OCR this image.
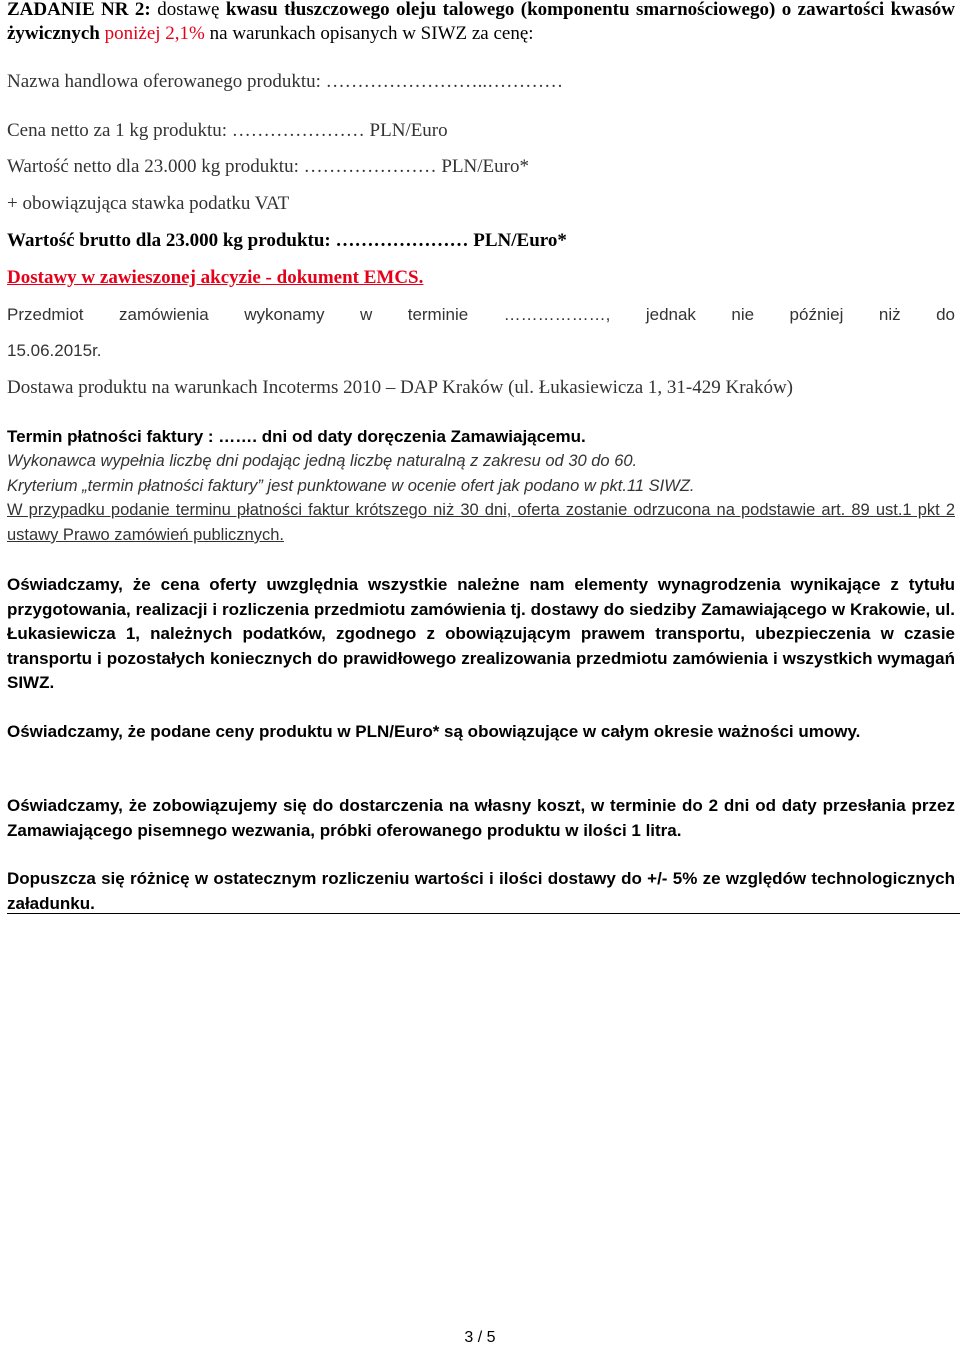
ZADANIE NR 2: dostawę kwasu tłuszczowego oleju talowego (komponentu smarnościowego) o zawartości kwasów żywicznych poniżej 2,1% na warunkach opisanych w SIWZ za cenę:
Nazwa handlowa oferowanego produktu: ……………………..…………
Cena netto za 1 kg produktu: ………………… PLN/Euro
Wartość netto dla 23.000 kg produktu: ………………… PLN/Euro*
+ obowiązująca stawka podatku VAT
Wartość brutto dla 23.000 kg produktu: ………………… PLN/Euro*
Dostawy w zawieszonej akcyzie - dokument EMCS.
Przedmiot zamówienia wykonamy w terminie ………………, jednak nie później niż do
15.06.2015r.
Dostawa produktu na warunkach Incoterms 2010 – DAP Kraków (ul. Łukasiewicza 1, 31-429 Kraków)
Termin płatności faktury : ……. dni od daty doręczenia Zamawiającemu.
Wykonawca wypełnia liczbę dni podając jedną liczbę naturalną z zakresu od 30 do 60.
Kryterium „termin płatności faktury” jest punktowane w ocenie ofert jak podano w pkt.11 SIWZ.
W przypadku podanie terminu płatności faktur krótszego niż 30 dni, oferta zostanie odrzucona na podstawie art. 89 ust.1 pkt 2 ustawy Prawo zamówień publicznych.
Oświadczamy, że cena oferty uwzględnia wszystkie należne nam elementy wynagrodzenia wynikające z tytułu przygotowania, realizacji i rozliczenia przedmiotu zamówienia tj. dostawy do siedziby Zamawiającego w Krakowie, ul. Łukasiewicza 1, należnych podatków, zgodnego z obowiązującym prawem transportu, ubezpieczenia w czasie transportu i pozostałych koniecznych do prawidłowego zrealizowania przedmiotu zamówienia i wszystkich wymagań SIWZ.
Oświadczamy, że podane ceny produktu w PLN/Euro* są obowiązujące w całym okresie ważności umowy.
Oświadczamy, że zobowiązujemy się do dostarczenia na własny koszt, w terminie do 2 dni od daty przesłania przez Zamawiającego pisemnego wezwania, próbki oferowanego produktu w ilości 1 litra.
Dopuszcza się różnicę w ostatecznym rozliczeniu wartości i ilości dostawy do +/- 5% ze względów technologicznych załadunku.
3 / 5
